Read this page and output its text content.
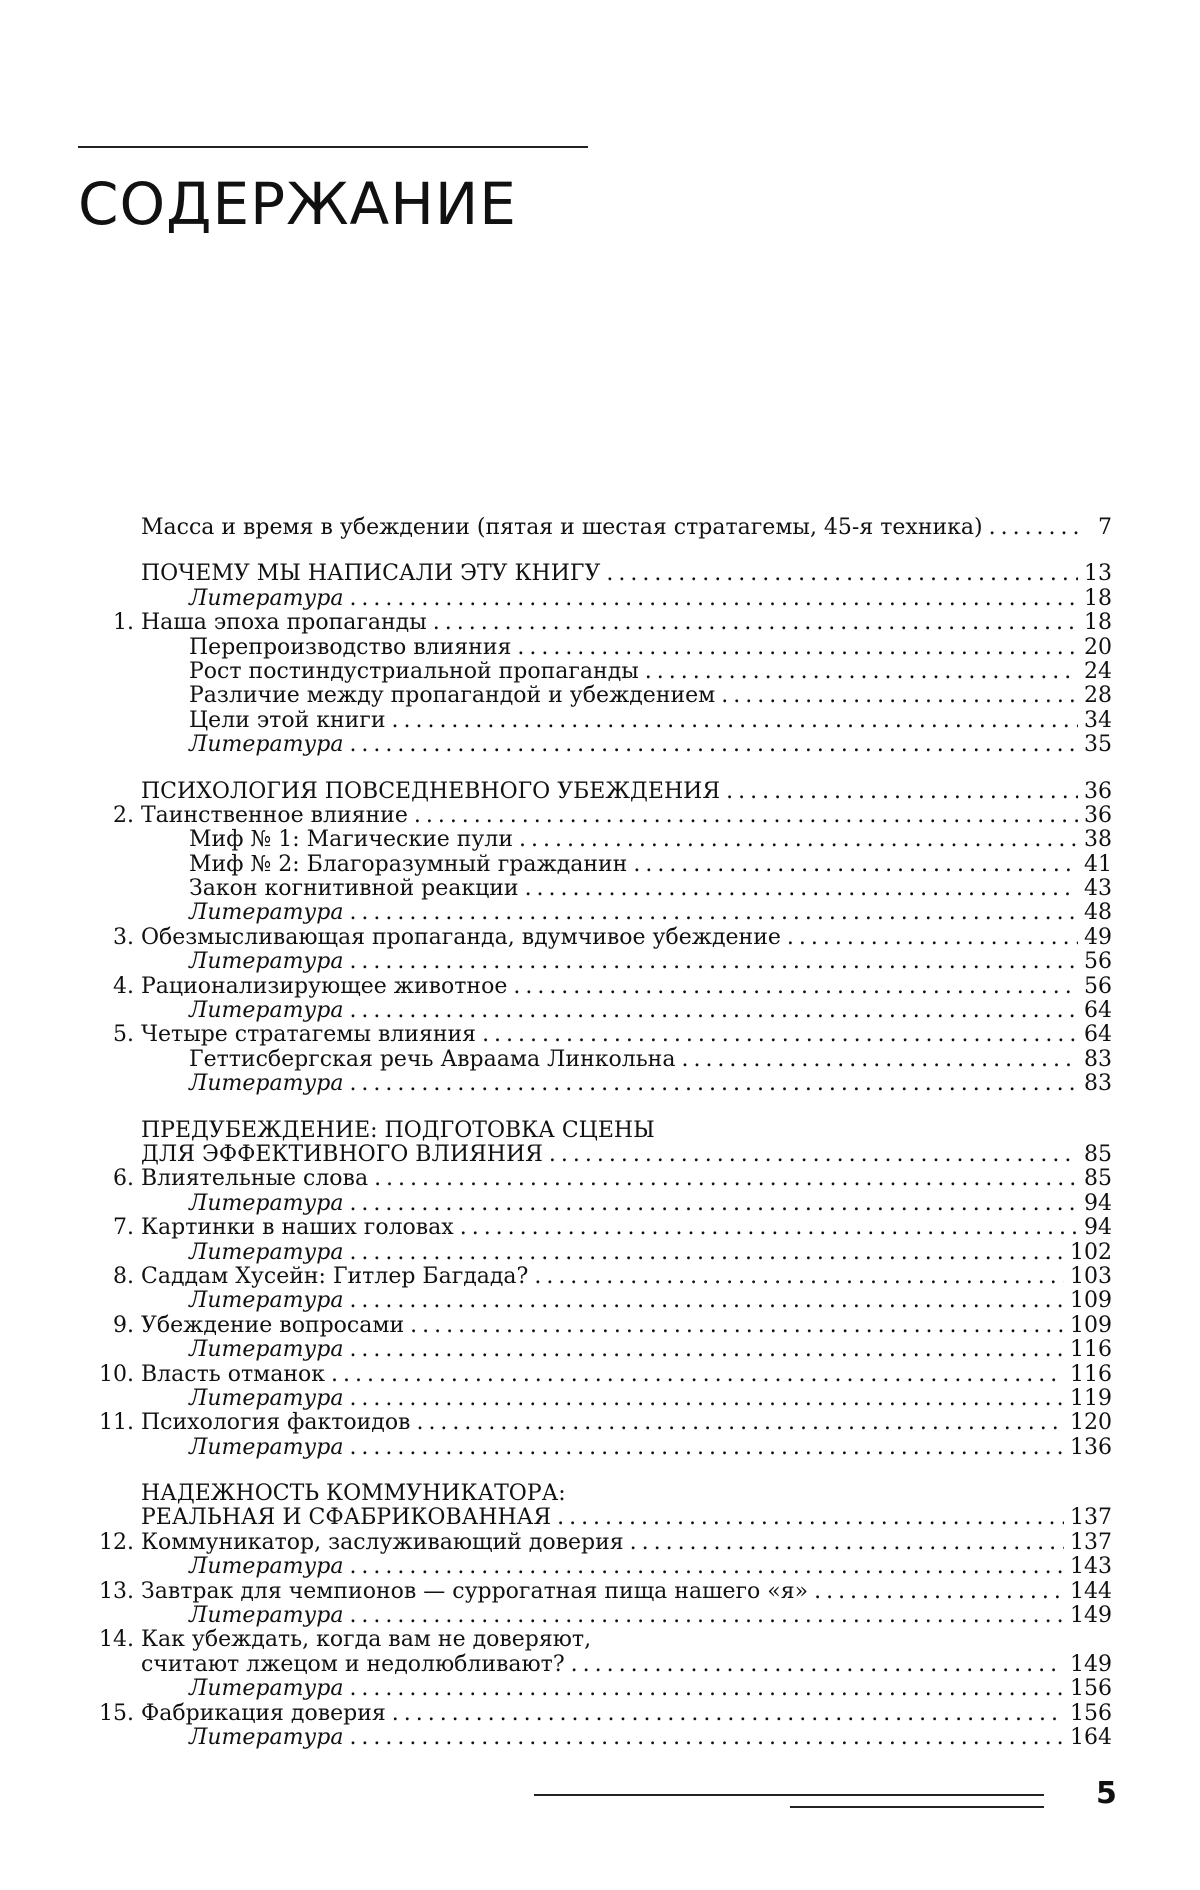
СОДЕРЖАНИЕ
Масса и время в убеждении (пятая и шестая стратагемы, 45-я техника) . . .	7
ПОЧЕМУ МЫ НАПИСАЛИ ЭТУ КНИГУ . . .	13
Литература . . .	18
1. Наша эпоха пропаганды . . .	18
Перепроизводство влияния . . .	20
Рост постиндустриальной пропаганды . . .	24
Различие между пропагандой и убеждением . . .	28
Цели этой книги . . .	34
Литература . . .	35
ПСИХОЛОГИЯ ПОВСЕДНЕВНОГО УБЕЖДЕНИЯ . . .	36
2. Таинственное влияние . . .	36
Миф № 1: Магические пули . . .	38
Миф № 2: Благоразумный гражданин . . .	41
Закон когнитивной реакции . . .	43
Литература . . .	48
3. Обезмысливающая пропаганда, вдумчивое убеждение . . .	49
Литература . . .	56
4. Рационализирующее животное . . .	56
Литература . . .	64
5. Четыре стратагемы влияния . . .	64
Геттисбергская речь Авраама Линкольна . . .	83
Литература . . .	83
ПРЕДУБЕЖДЕНИЕ: ПОДГОТОВКА СЦЕНЫ
ДЛЯ ЭФФЕКТИВНОГО ВЛИЯНИЯ . . .	85
6. Влиятельные слова . . .	85
Литература . . .	94
7. Картинки в наших головах . . .	94
Литература . . .	102
8. Саддам Хусейн: Гитлер Багдада? . . .	103
Литература . . .	109
9. Убеждение вопросами . . .	109
Литература . . .	116
10. Власть отманок . . .	116
Литература . . .	119
11. Психология фактоидов . . .	120
Литература . . .	136
НАДЕЖНОСТЬ КОММУНИКАТОРА:
РЕАЛЬНАЯ И СФАБРИКОВАННАЯ . . .	137
12. Коммуникатор, заслуживающий доверия . . .	137
Литература . . .	143
13. Завтрак для чемпионов — суррогатная пища нашего «я» . . .	144
Литература . . .	149
14. Как убеждать, когда вам не доверяют,
считают лжецом и недолюбливают? . . .	149
Литература . . .	156
15. Фабрикация доверия . . .	156
Литература . . .	164
5
